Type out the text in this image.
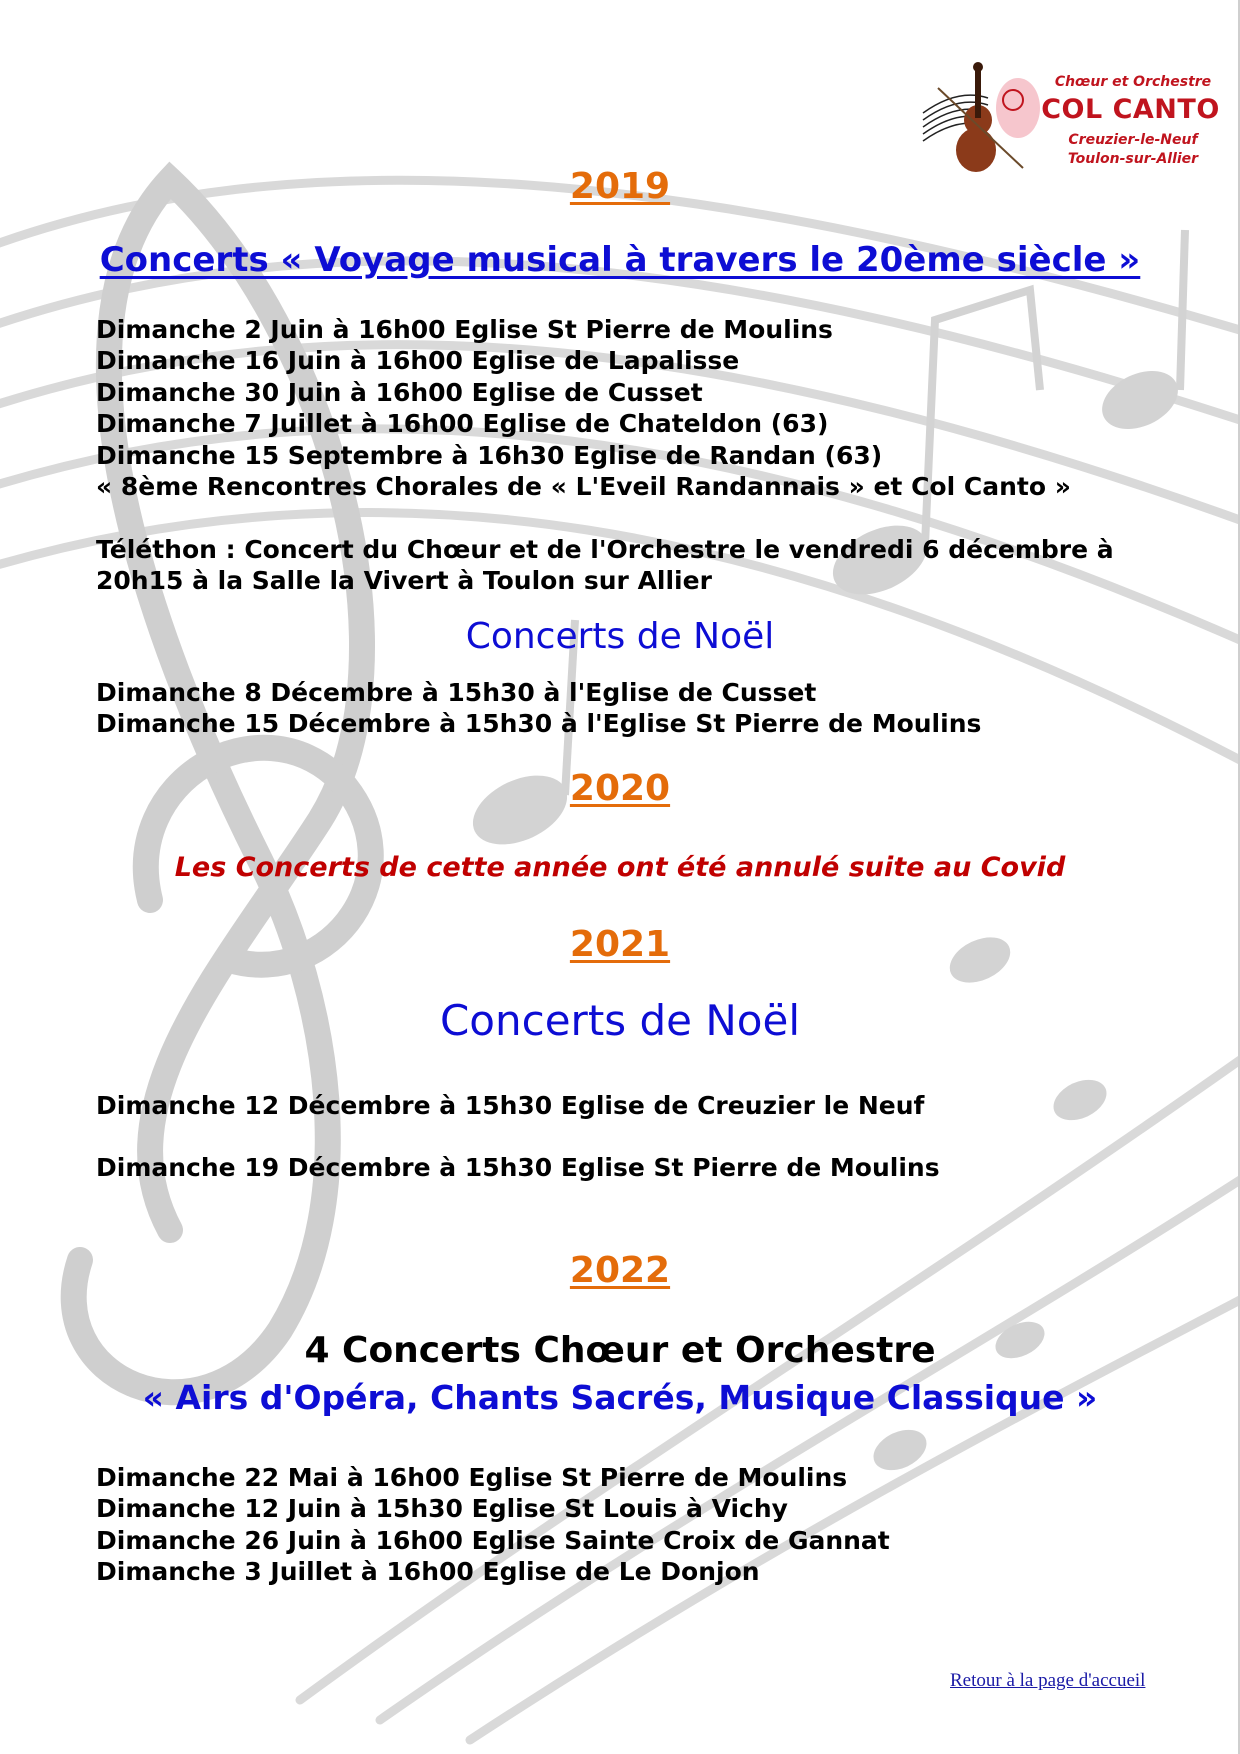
Chœur et Orchestre
COL CANTO
Creuzier-le-Neuf
Toulon-sur-Allier
2019
Concerts « Voyage musical à travers le 20ème siècle »
Dimanche 2 Juin à 16h00 Eglise St Pierre de Moulins
Dimanche 16 Juin à 16h00 Eglise de Lapalisse
Dimanche 30 Juin à 16h00 Eglise de Cusset
Dimanche 7 Juillet à 16h00 Eglise de Chateldon (63)
Dimanche 15 Septembre à 16h30 Eglise de Randan (63)
« 8ème Rencontres Chorales de « L'Eveil Randannais » et Col Canto »
Téléthon : Concert du Chœur et de l'Orchestre le vendredi 6 décembre à 20h15 à la Salle la Vivert à Toulon sur Allier
Concerts de Noël
Dimanche 8 Décembre à 15h30 à l'Eglise de Cusset
Dimanche 15 Décembre à 15h30 à l'Eglise St Pierre de Moulins
2020
Les Concerts de cette année ont été annulé suite au Covid
2021
Concerts de Noël
Dimanche 12 Décembre à 15h30 Eglise de Creuzier le Neuf
Dimanche 19 Décembre à 15h30 Eglise St Pierre de Moulins
2022
4 Concerts Chœur et Orchestre
« Airs d'Opéra, Chants Sacrés, Musique Classique »
Dimanche 22 Mai à 16h00 Eglise St Pierre de Moulins
Dimanche 12 Juin à 15h30 Eglise St Louis à Vichy
Dimanche 26 Juin à 16h00 Eglise Sainte Croix de Gannat
Dimanche 3 Juillet à 16h00 Eglise de Le Donjon
Retour à la page d'accueil
